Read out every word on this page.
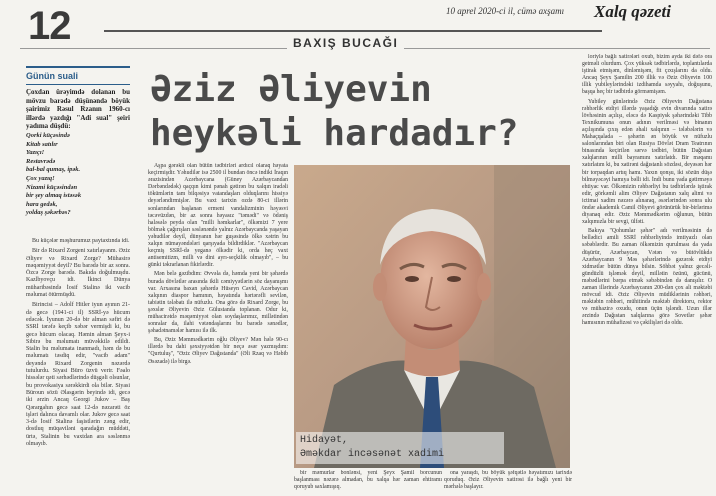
12	BAXIŞ BUCAĞI
10 aprel 2020-ci il, cümə axşamı Xalq qəzeti
Günün suali
Çoxdan ürəyimdə dolanan bu mövzu barədə düşünəndə böyük şairimiz Rəsul Rzanın 1960-cı illərdə yazdığı "Adi sual" şeiri yadıma düşdü:
Qorki küçəsində
Kitab satılır
Yazıçı!
Restavrədə
bal-bal qumaş, ipək.
Çox yazıq!
Nizami küçəsindən
bir şey almaq istəsək
hara gedək,
yoldaş şəkərbəs?

Bu küçələr məşhurumuz paytaxtında idi.

Bir də Rixard Zorgeni xatırlayanm. Əziz Əliyev və Rixard Zorge? Mühasirə məqəmiyyət deyil? Bu barədə bir az sonra. Özcə Zorge barədə. Bakıda doğulmuşdu. Kazlbyovçu idi. İkinci Dünya müharibəsində İosif Stalinə iki vacib məlumat ötürmüşdü.

Birincisi – Adolf Hitler iyun ayının 21-də gecə (1941-ci il) SSRİ-yə hücum edəcək. İyunun 20-də bir alman səfiri də SSRİ tərəfə keçib xəbər vermişdi ki, bu gecə hücum olacaq. Həmin alman Şeyx-i Sibirə bu məlumatı müvəkkilə edildi. Stalin bu məlumata inanmadı, həm də bu məlumatı təsdiq edir, "vacib adam" deyəndə Rixard Zorgenin nəzərdə tutulurdu. Siyasi Büro üzvü verir. Fəalo hissələr qəti sərhədlərində düşgəli olsunlar, bu provokasiya sərəkkirdi ola bilər. Siyasi Büroun sözü Əlasgərin beyində idi, gecə iki ərzin Ancaq Georgi Jukov – Baş Qərargahın gecə saat 12-də nəzarəti öz işləri dalınca davamlı olar. Jukov gecə saat 3-də İosif Stalinə faşistlərin zəng edir, dostluq müqaviləni qaradağın müddəti, ürtə, Stalinin bu vaxtdan ara səslənmə olmayıb.

Əziz Əliyevin heykəli hardadır?

Aşpa gərəkli olan bütün tədbirləri ardıcıl olaraq həyata keçirmişdir. Yəhudilər isə 2500 il bundan öncə indiki İraqın ərazisindən Azərbaycana (Güney Azərbaycandan Dərbəndədək) qaçqın kimi pənah gətirən bu xalqın iradəli tökümlərin tam bilqəsiyə vatandaşları olduqlarını hissiyə deyərləndirmişlər. Bu vaxt tarixin ozdə 80-ci illərin sonlarından başlanan ermeni vandalizminin həyəsvi təcəvüzdən, bir az sonra həyasız "təmədi" və ödəniş haləsələ peyda olan "milli həmkarlar", ölkəmizi 7 yere bölmək çağırışları səslənəndə yalnız Azərbaycanda yaşayan yəhudilər deyil, dünyanın hər guşəsində ölkə xətrin bu xalqın nümayəndələri qarşıyada bildirdiklər. "Azərbaycan keçmiş SSRİ-də yeganə ölkədir ki, orda heç vaxt antisemitizm, milli və dini ayrı-seçkilik olmayıb", – bu günki təkrarlanan fikirlərdir.

Mən belə gəzibdim: Əvvəla də, həmda yeni bir şəhərdə burada dövlətlər arasında ikili cəmiyyətlərin söz dayanışmı var. Arxasına baxan şəhərdə Hüseyn Cavid, Azərbaycan xalqının diaspor hamının, həyatında hərtərəfli sevilən, tabiətin tələbatı ilə nüfuzlu. Ona görə də Rixard Zorge, bu şəxslər Əliyevin Əziz Gülustanda toplanan. Odur ki, mühacirətdə məqəmiyyət olan soydaşlarımız, millətindən sonralar da, ilahi vətəndaşlarını bu barədə sənədlər, şəhadətnamələr hamısı ilə ilk.

Bu, Əziz Məmmədkərim oğlu Əliyev? Mən hələ 90-cı illərdə bu dahi şəxsiyyətdən bir neçə əsər yazmışdım: "Qurtuluş", "Əziz Əliyev Dağıstanda" (Əli Rzaq və Həbib Əsəzadə) ilə birgə.

Hidayət,
Əməkdar incəsənət xadimi

bir məmurlar bonlənsi, yeni Şeyx Şamil borcunun başlanması nəzərə almadan, bu xalqa hər zaman ehtiramı qoruyub saxlamışıq.

ona yaraşdı, bu böyük şəfqətlə həyatımızı tarixdə qoruduq. Əziz Əliyevin xatirəsi ilə bağlı yeni bir mərhələ başlayır.

loriylə bağlı xatirələri oxub, bizim ayda iki dəfə ora getməli olurdum. Çox yüksək tədbirlərdə, toplantılarda iştirak etmişəm, dinləmişəm, fit çıxışlarını da oldu. Ancaq Şeyx Şamilin 200 illik və Əziz Əliyevin 100 illik yubileylərindəki izdihamda səyyahı, doğuşunu, başqa heç bir tədbirdə görməmişəm.

Yubiley günlərində Əziz Əliyevin Dağıstana rəhbərlik etdiyi illərdə yaşadığı evin divarında xatirə lövhəsinin açılışı, eləcə də Kaspiysk şəhərindəki Tibb Texnikumuna onun adının verilməsi və binanın açılışında çıxış edən əhali xalqının – tələbələrin və Mahaçqalada – şəhərin ən böyük ve nüfuzlu salonlarından biri olan Rusiya Dövlət Dram Teatrının binasında keçirilən sərvə tədbiri, bütün Dağıstan xalqlarının milli bayramını xatırlatdı. Bir məqamı xatırlatım ki, bu xatirəni dağıstanlı sözdəsi, deyəsən hər bir torpaqdan artıq hamı. Yaxın qonşu, iki sözün düşə bilməyəcəyi hamıya bəlli idi. İndi bunu yada gətirməyə ehtiyac var. Ölkəmizin rəhbərliyi bu tədbirlərdə iştirak edir, görkəmli alim Əliyev Dağıstanın xalq alimi və ictimai xadim nəzərə alınaraq, əsərlərindən sonra ulu öndər akademik Camil Əliyevi görünürük bir-birlərimə diyanaq edir. Əziz Məmmədkərim oğlunun, bütün xalqımızla bir sevgi, ülfəti.

Bakıya "Qohumlar şəhər" adı verilməsinin də bellədici amili SSRİ rəhbərliyində imtiyazlı olan səbəblərdir. Bu zaman ölkəmizin qurulması da yada düşürür, Azərbaycan, Vətən və bütövlükdə Azərbaycanın 9 Məs şəhərlərində gəzərək etdiyi xidmətlər bütün dünya bilsin. Söhbət yalnız gecəli-gündüzlü işləmək deyil, millətin özünü, gücünü, məbədlərini bərpa etmək səbəbindən də danışılır. O zaman illərində Azərbaycanın 200-dən çox ali məktəbi mövcud idi. Əziz Əliyevin müdiklərinin rəhbəri, məktəbin rəhbəri, mühitində məktəb direktoru, rektor və mühazirə oxudu, onun üçün işləndi. Uzun illər ərzində Dağıstan xalqlarına görə Sovetlər şəhər hamısının mühafizəsi və çəkilişləri də oldu.
